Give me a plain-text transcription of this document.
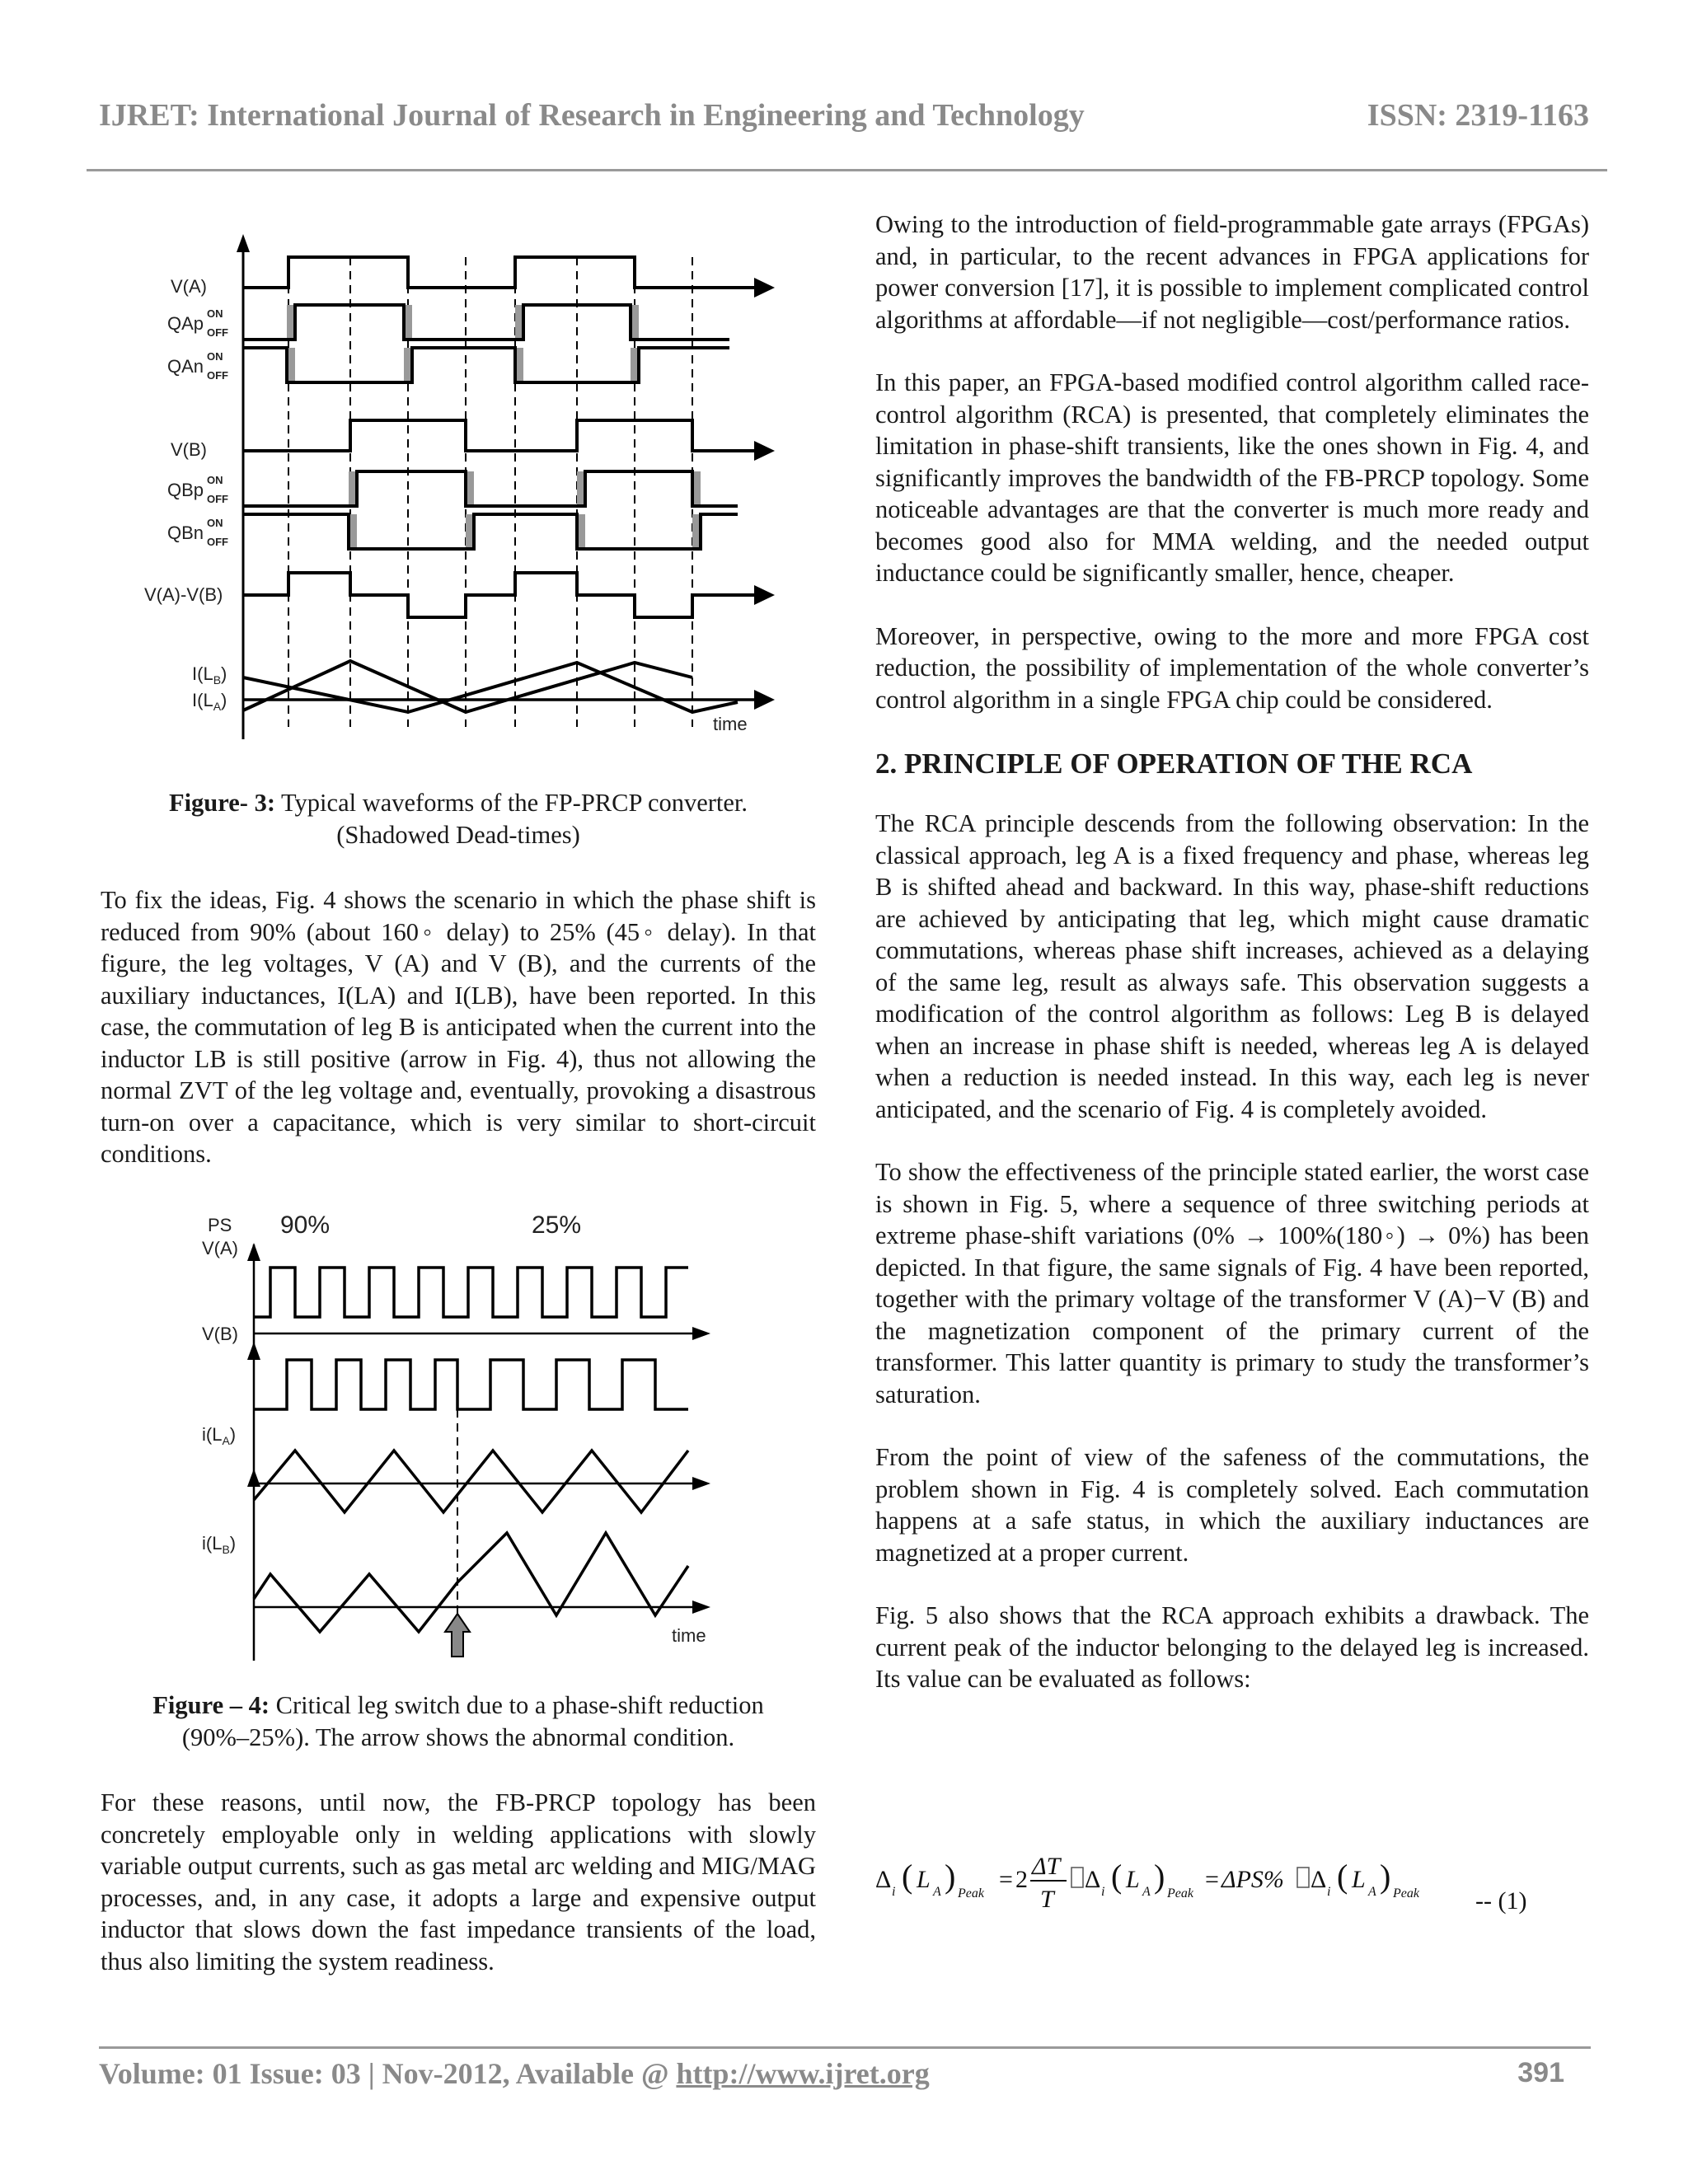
IJRET: International Journal of Research in Engineering and Technology	ISSN: 2319-1163
V(A)
QAp ON
OFF
QAn ON
OFF
V(B)
QBp ON
OFF
QBn ON
OFF
V(A)-V(B)
$I(L_B)$
$I(L_A)$
time
Figure- 3: Typical waveforms of the FP-PRCP converter.
(Shadowed Dead-times)

To fix the ideas, Fig. 4 shows the scenario in which the phase shift is reduced from 90% (about 160◦ delay) to 25% (45◦ delay). In that figure, the leg voltages, V (A) and V (B), and the currents of the auxiliary inductances, I(LA) and I(LB), have been reported. In this case, the commutation of leg B is anticipated when the current into the inductor LB is still positive (arrow in Fig. 4), thus not allowing the normal ZVT of the leg voltage and, eventually, provoking a disastrous turn-on over a capacitance, which is very similar to short-circuit conditions.

PS 90%	25%
V(A)
V(B)
$i(L_A)$
$i(L_B)$
time
Figure – 4: Critical leg switch due to a phase-shift reduction
(90%–25%). The arrow shows the abnormal condition.

For these reasons, until now, the FB-PRCP topology has been concretely employable only in welding applications with slowly variable output currents, such as gas metal arc welding and MIG/MAG processes, and, in any case, it adopts a large and expensive output inductor that slows down the fast impedance transients of the load, thus also limiting the system readiness.

Owing to the introduction of field-programmable gate arrays (FPGAs) and, in particular, to the recent advances in FPGA applications for power conversion [17], it is possible to implement complicated control algorithms at affordable—if not negligible—cost/performance ratios.

In this paper, an FPGA-based modified control algorithm called race-control algorithm (RCA) is presented, that completely eliminates the limitation in phase-shift transients, like the ones shown in Fig. 4, and significantly improves the bandwidth of the FB-PRCP topology. Some noticeable advantages are that the converter is much more ready and becomes good also for MMA welding, and the needed output inductance could be significantly smaller, hence, cheaper.

Moreover, in perspective, owing to the more and more FPGA cost reduction, the possibility of implementation of the whole converter’s control algorithm in a single FPGA chip could be considered.

2. PRINCIPLE OF OPERATION OF THE RCA

The RCA principle descends from the following observation: In the classical approach, leg A is a fixed frequency and phase, whereas leg B is shifted ahead and backward. In this way, phase-shift reductions are achieved by anticipating that leg, which might cause dramatic commutations, whereas phase shift increases, achieved as a delaying of the same leg, result as always safe. This observation suggests a modification of the control algorithm as follows: Leg B is delayed when an increase in phase shift is needed, whereas leg A is delayed when a reduction is needed instead. In this way, each leg is never anticipated, and the scenario of Fig. 4 is completely avoided.

To show the effectiveness of the principle stated earlier, the worst case is shown in Fig. 5, where a sequence of three switching periods at extreme phase-shift variations (0% → 100%(180◦) → 0%) has been depicted. In that figure, the same signals of Fig. 4 have been reported, together with the primary voltage of the transformer V (A)−V (B) and the magnetization component of the primary current of the transformer. This latter quantity is primary to study the transformer’s saturation.

From the point of view of the safeness of the commutations, the problem shown in Fig. 4 is completely solved. Each commutation happens at a safe status, in which the auxiliary inductances are magnetized at a proper current.

Fig. 5 also shows that the RCA approach exhibits a drawback. The current peak of the inductor belonging to the delayed leg is increased. Its value can be evaluated as follows:

Δ i ( L A ) Peak
= 2 ΔT
T
Δ i ( L A ) Peak
= ΔPS% Δ i ( L A ) Peak -- (1)
Volume: 01 Issue: 03 | Nov-2012, Available @ http://www.ijret.org	391
